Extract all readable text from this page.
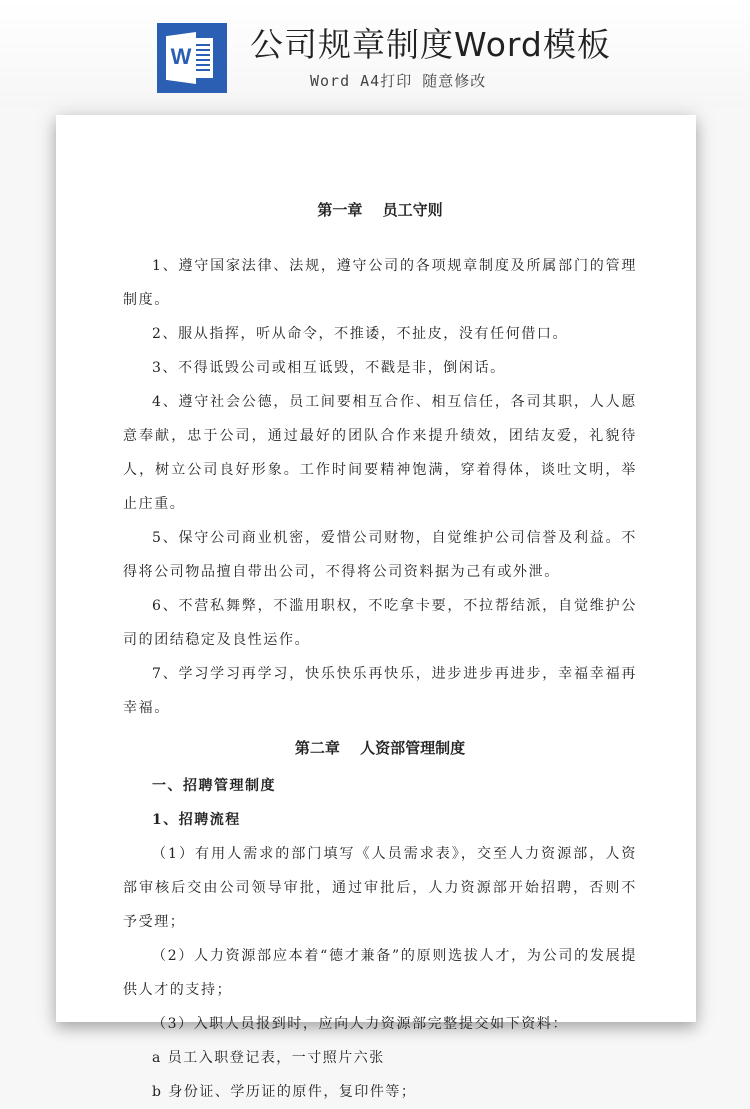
W 公司规章制度Word模板
Word A4打印 随意修改
第一章　 员工守则

1、遵守国家法律、法规，遵守公司的各项规章制度及所属部门的管理制度。

2、服从指挥，听从命令，不推诿，不扯皮，没有任何借口。

3、不得诋毁公司或相互诋毁，不戳是非，倒闲话。

4、遵守社会公德，员工间要相互合作、相互信任，各司其职，人人愿意奉献，忠于公司，通过最好的团队合作来提升绩效，团结友爱，礼貌待人，树立公司良好形象。工作时间要精神饱满，穿着得体，谈吐文明，举止庄重。

5、保守公司商业机密，爱惜公司财物，自觉维护公司信誉及利益。不得将公司物品擅自带出公司，不得将公司资料据为己有或外泄。

6、不营私舞弊，不滥用职权，不吃拿卡要，不拉帮结派，自觉维护公司的团结稳定及良性运作。

7、学习学习再学习，快乐快乐再快乐，进步进步再进步，幸福幸福再幸福。

第二章　 人资部管理制度
一、招聘管理制度
1、招聘流程

（1）有用人需求的部门填写《人员需求表》，交至人力资源部，人资部审核后交由公司领导审批，通过审批后，人力资源部开始招聘，否则不予受理；

（2）人力资源部应本着“德才兼备”的原则选拔人才，为公司的发展提供人才的支持；

（3）入职人员报到时，应向人力资源部完整提交如下资料：

a 员工入职登记表，一寸照片六张
b 身份证、学历证的原件，复印件等；
